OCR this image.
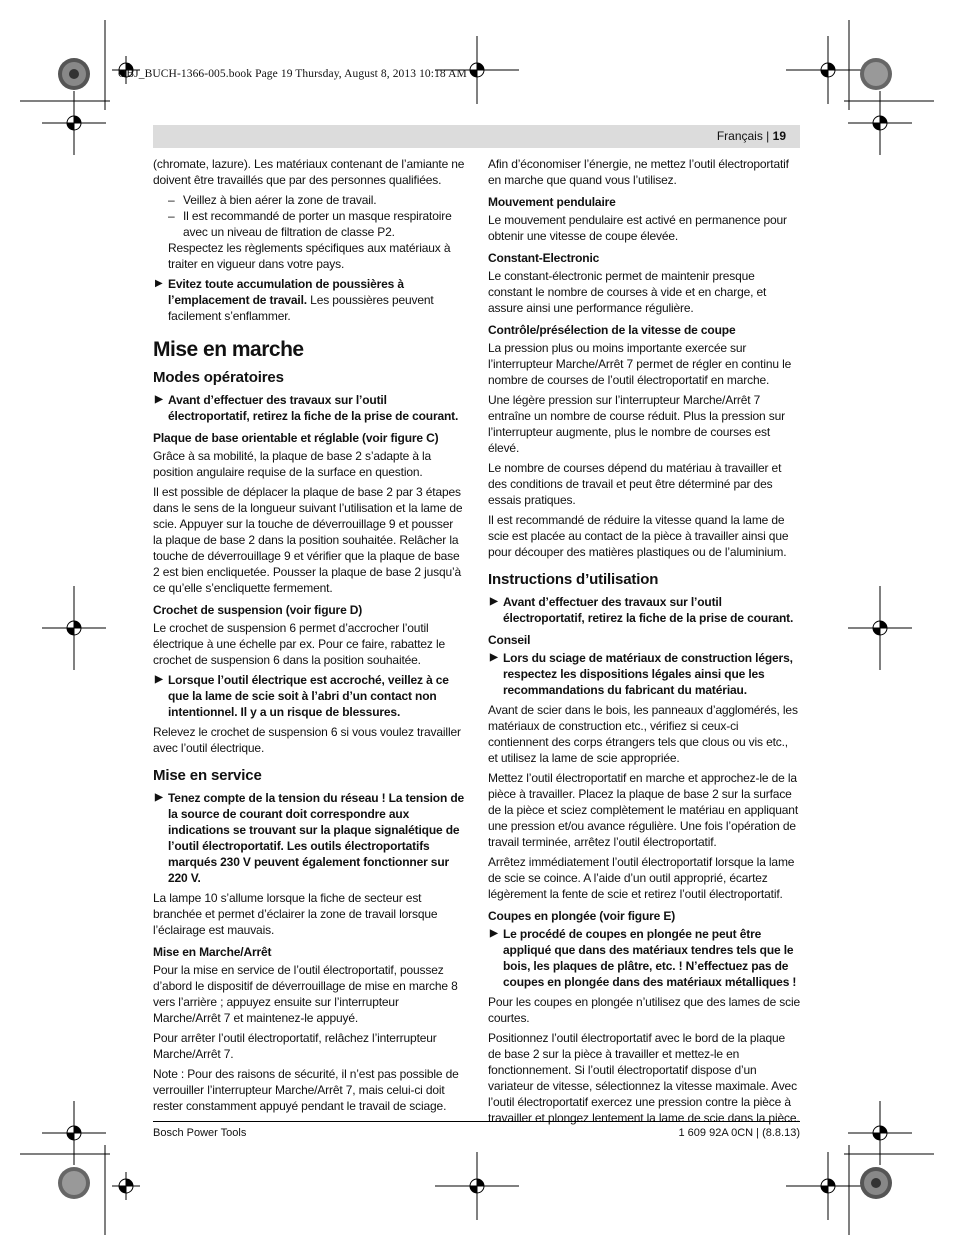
OBJ_BUCH-1366-005.book Page 19 Thursday, August 8, 2013 10:18 AM
Français | 19

(chromate, lazure). Les matériaux contenant de l’amiante ne doivent être travaillés que par des personnes qualifiées.

– Veillez à bien aérer la zone de travail.

– Il est recommandé de porter un masque respiratoire avec un niveau de filtration de classe P2.

Respectez les règlements spécifiques aux matériaux à traiter en vigueur dans votre pays.

▶ Evitez toute accumulation de poussières à l’emplacement de travail. Les poussières peuvent facilement s’enflammer.

Mise en marche
Modes opératoires

▶ Avant d’effectuer des travaux sur l’outil électroportatif, retirez la fiche de la prise de courant.

Plaque de base orientable et réglable (voir figure C)

Grâce à sa mobilité, la plaque de base 2 s’adapte à la position angulaire requise de la surface en question.

Il est possible de déplacer la plaque de base 2 par 3 étapes dans le sens de la longueur suivant l’utilisation et la lame de scie. Appuyer sur la touche de déverrouillage 9 et pousser la plaque de base 2 dans la position souhaitée. Relâcher la touche de déverrouillage 9 et vérifier que la plaque de base 2 est bien encliquetée. Pousser la plaque de base 2 jusqu’à ce qu’elle s’encliquette fermement.

Crochet de suspension (voir figure D)

Le crochet de suspension 6 permet d’accrocher l’outil électrique à une échelle par ex. Pour ce faire, rabattez le crochet de suspension 6 dans la position souhaitée.

▶ Lorsque l’outil électrique est accroché, veillez à ce que la lame de scie soit à l’abri d’un contact non intentionnel. Il y a un risque de blessures.

Relevez le crochet de suspension 6 si vous voulez travailler avec l’outil électrique.

Mise en service

▶ Tenez compte de la tension du réseau ! La tension de la source de courant doit correspondre aux indications se trouvant sur la plaque signalétique de l’outil électroportatif. Les outils électroportatifs marqués 230 V peuvent également fonctionner sur 220 V.

La lampe 10 s’allume lorsque la fiche de secteur est branchée et permet d’éclairer la zone de travail lorsque l’éclairage est mauvais.

Mise en Marche/Arrêt

Pour la mise en service de l’outil électroportatif, poussez d’abord le dispositif de déverrouillage de mise en marche 8 vers l’arrière ; appuyez ensuite sur l’interrupteur Marche/Arrêt 7 et maintenez-le appuyé.

Pour arrêter l’outil électroportatif, relâchez l’interrupteur Marche/Arrêt 7.

Note : Pour des raisons de sécurité, il n’est pas possible de verrouiller l’interrupteur Marche/Arrêt 7, mais celui-ci doit rester constamment appuyé pendant le travail de sciage.

Afin d’économiser l’énergie, ne mettez l’outil électroportatif en marche que quand vous l’utilisez.

Mouvement pendulaire

Le mouvement pendulaire est activé en permanence pour obtenir une vitesse de coupe élevée.

Constant-Electronic

Le constant-électronic permet de maintenir presque constant le nombre de courses à vide et en charge, et assure ainsi une performance régulière.

Contrôle/présélection de la vitesse de coupe

La pression plus ou moins importante exercée sur l’interrupteur Marche/Arrêt 7 permet de régler en continu le nombre de courses de l’outil électroportatif en marche.

Une légère pression sur l’interrupteur Marche/Arrêt 7 entraîne un nombre de course réduit. Plus la pression sur l’interrupteur augmente, plus le nombre de courses est élevé.

Le nombre de courses dépend du matériau à travailler et des conditions de travail et peut être déterminé par des essais pratiques.

Il est recommandé de réduire la vitesse quand la lame de scie est placée au contact de la pièce à travailler ainsi que pour découper des matières plastiques ou de l’aluminium.

Instructions d’utilisation

▶ Avant d’effectuer des travaux sur l’outil électroportatif, retirez la fiche de la prise de courant.

Conseil

▶ Lors du sciage de matériaux de construction légers, respectez les dispositions légales ainsi que les recommandations du fabricant du matériau.

Avant de scier dans le bois, les panneaux d’agglomérés, les matériaux de construction etc., vérifiez si ceux-ci contiennent des corps étrangers tels que clous ou vis etc., et utilisez la lame de scie appropriée.

Mettez l’outil électroportatif en marche et approchez-le de la pièce à travailler. Placez la plaque de base 2 sur la surface de la pièce et sciez complètement le matériau en appliquant une pression et/ou avance régulière. Une fois l’opération de travail terminée, arrêtez l’outil électroportatif.

Arrêtez immédiatement l’outil électroportatif lorsque la lame de scie se coince. A l’aide d’un outil approprié, écartez légèrement la fente de scie et retirez l’outil électroportatif.

Coupes en plongée (voir figure E)

▶ Le procédé de coupes en plongée ne peut être appliqué que dans des matériaux tendres tels que le bois, les plaques de plâtre, etc. ! N’effectuez pas de coupes en plongée dans des matériaux métalliques !

Pour les coupes en plongée n’utilisez que des lames de scie courtes.

Positionnez l’outil électroportatif avec le bord de la plaque de base 2 sur la pièce à travailler et mettez-le en fonctionnement. Si l’outil électroportatif dispose d’un variateur de vitesse, sélectionnez la vitesse maximale. Avec l’outil électroportatif exercez une pression contre la pièce à travailler et plongez lentement la lame de scie dans la pièce.

Bosch Power Tools	1 609 92A 0CN | (8.8.13)
